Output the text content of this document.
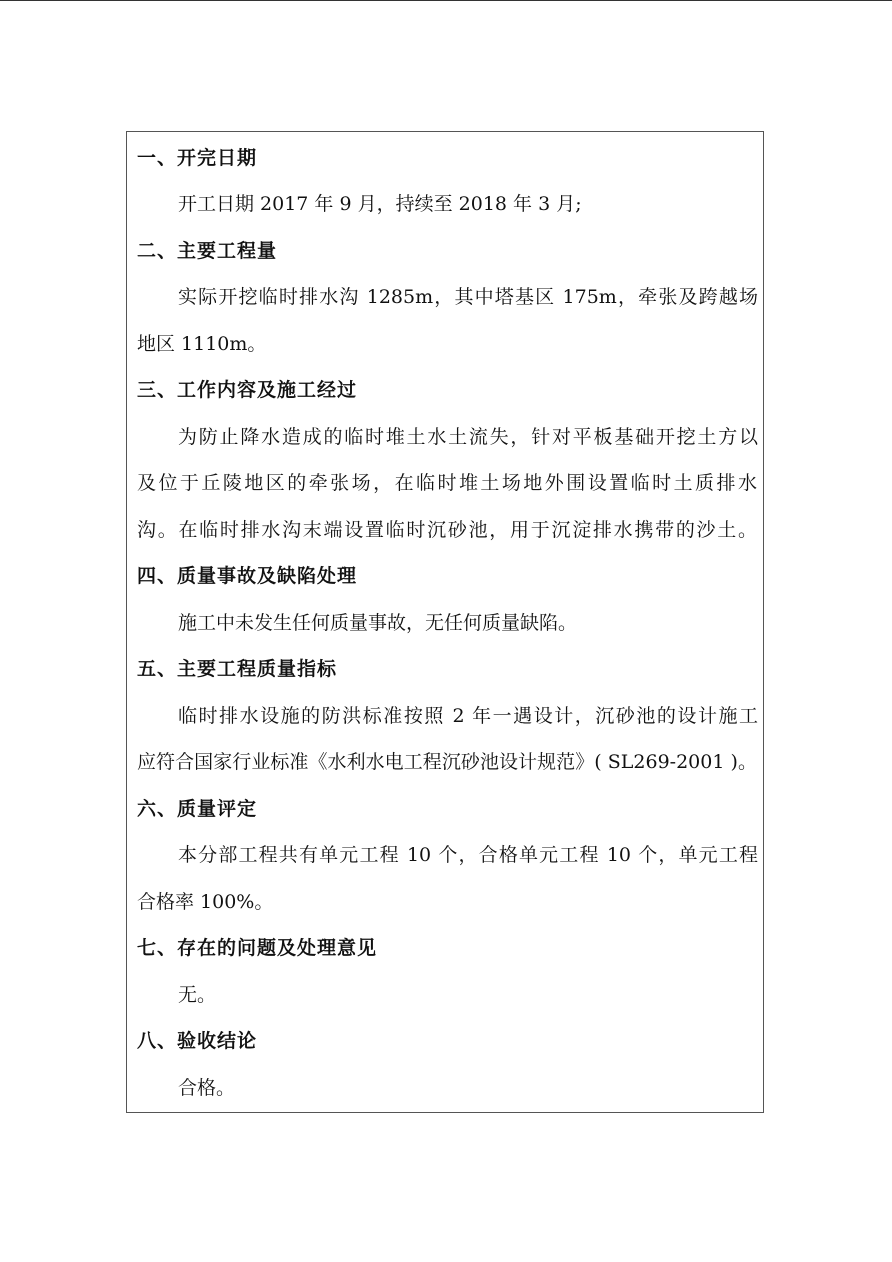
一、开完日期
开工日期 2017 年 9 月，持续至 2018 年 3 月;
二、主要工程量
实际开挖临时排水沟 1285m，其中塔基区 175m，牵张及跨越场
地区 1110m。
三、工作内容及施工经过
为防止降水造成的临时堆土水土流失，针对平板基础开挖土方以
及位于丘陵地区的牵张场，在临时堆土场地外围设置临时土质排水
沟。在临时排水沟末端设置临时沉砂池，用于沉淀排水携带的沙土。
四、质量事故及缺陷处理
施工中未发生任何质量事故，无任何质量缺陷。
五、主要工程质量指标
临时排水设施的防洪标准按照 2 年一遇设计，沉砂池的设计施工
应符合国家行业标准《水利水电工程沉砂池设计规范》( SL269-2001 )。
六、质量评定
本分部工程共有单元工程 10 个，合格单元工程 10 个，单元工程
合格率 100%。
七、存在的问题及处理意见
无。
八、验收结论
合格。
